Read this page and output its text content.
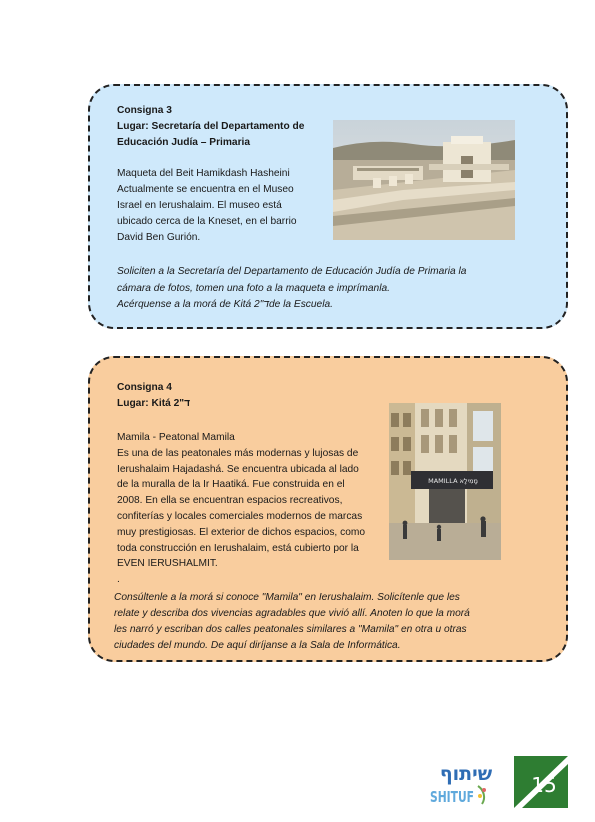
Consigna 3
Lugar: Secretaría del Departamento de
Educación Judía – Primaria
Maqueta del Beit Hamikdash Hasheini
Actualmente se encuentra en el Museo
Israel en Ierushalaim. El museo está
ubicado cerca de la Kneset, en el barrio
David Ben Gurión.
Soliciten a la Secretaría del Departamento de Educación Judía de Primaria la
cámara de fotos, tomen una foto a la maqueta e imprímanla.
Acérquense a la morá de Kitá 2"דde la Escuela.
Consigna 4
Lugar: Kitá 2"ד
Mamila - Peatonal Mamila
Es una de las peatonales más modernas y lujosas de
Ierushalaim Hajadashá. Se encuentra ubicada al lado
de la muralla de la Ir Haatiká. Fue construida en el
2008. En ella se encuentran espacios recreativos,
confiterías y locales comerciales modernos de marcas
muy prestigiosas. El exterior de dichos espacios, como
toda construcción en Ierushalaim, está cubierto por la
EVEN IERUSHALMIT.
.
Consúltenle a la morá si conoce "Mamila" en Ierushalaim. Solicítenle que les
relate y describa dos vivencias agradables que vivió allí. Anoten lo que la morá
les narró y escriban dos calles peatonales similares a "Mamila" en otra u otras
ciudades del mundo. De aquí diríjanse a la Sala de Informática.
MAMILLA מָמִילָא
שיתוף
SHITUF	15
